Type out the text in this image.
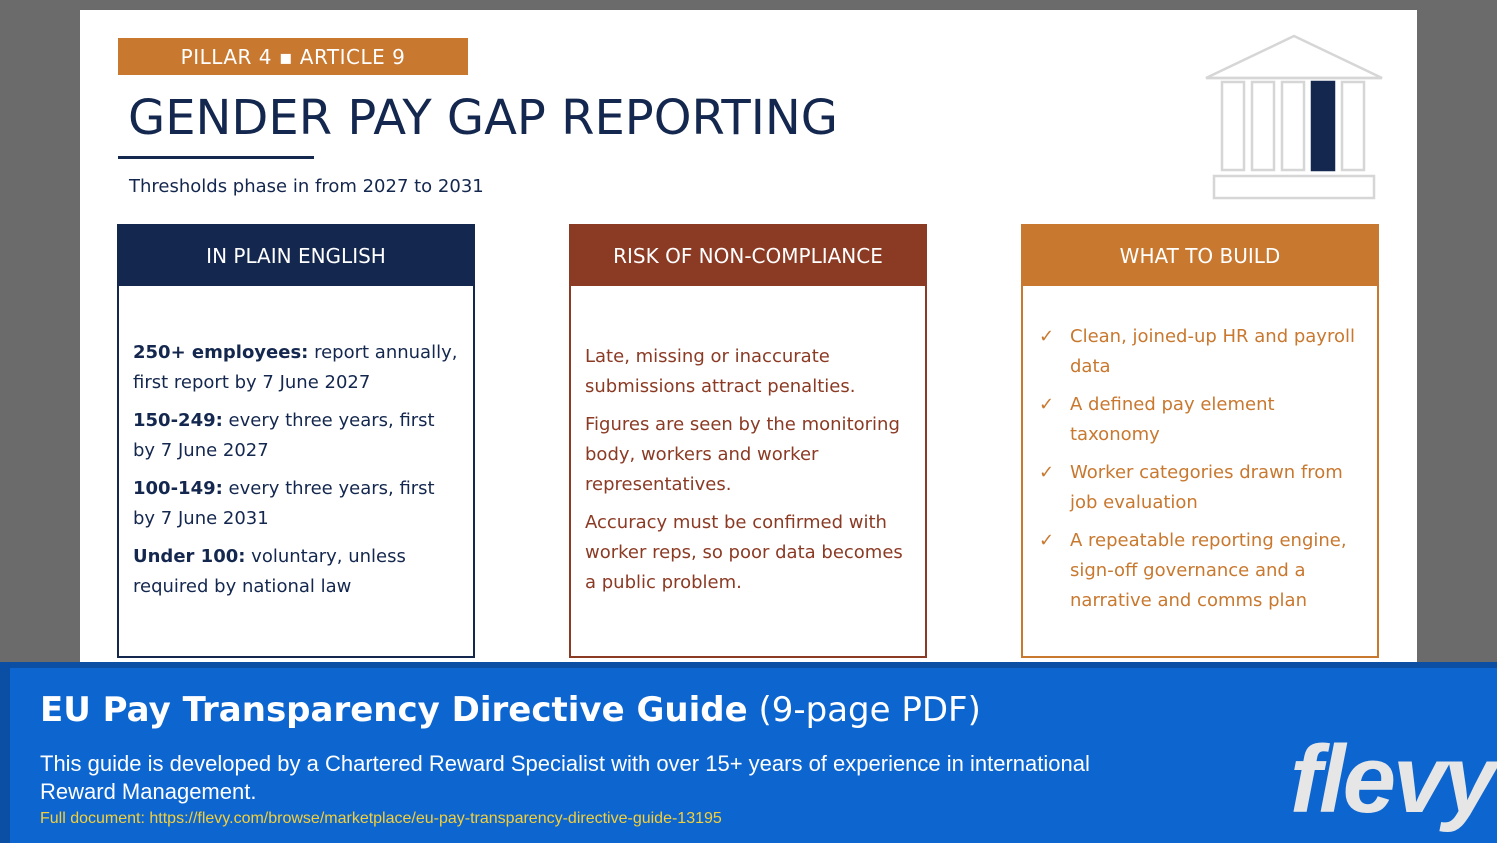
PILLAR 4 ▪ ARTICLE 9
GENDER PAY GAP REPORTING
Thresholds phase in from 2027 to 2031
IN PLAIN ENGLISH

250+ employees: report annually, first report by 7 June 2027

150-249: every three years, first by 7 June 2027

100-149: every three years, first by 7 June 2031

Under 100: voluntary, unless required by national law

RISK OF NON-COMPLIANCE

Late, missing or inaccurate submissions attract penalties.

Figures are seen by the monitoring body, workers and worker representatives.

Accuracy must be confirmed with worker reps, so poor data becomes a public problem.

WHAT TO BUILD
✓ Clean, joined-up HR and payroll data
✓ A defined pay element taxonomy
✓ Worker categories drawn from job evaluation
✓ A repeatable reporting engine, sign-off governance and a narrative and comms plan
EU Pay Transparency Directive Guide (9-page PDF)
This guide is developed by a Chartered Reward Specialist with over 15+ years of experience in international Reward Management.
Full document: https://flevy.com/browse/marketplace/eu-pay-transparency-directive-guide-13195	flevy
